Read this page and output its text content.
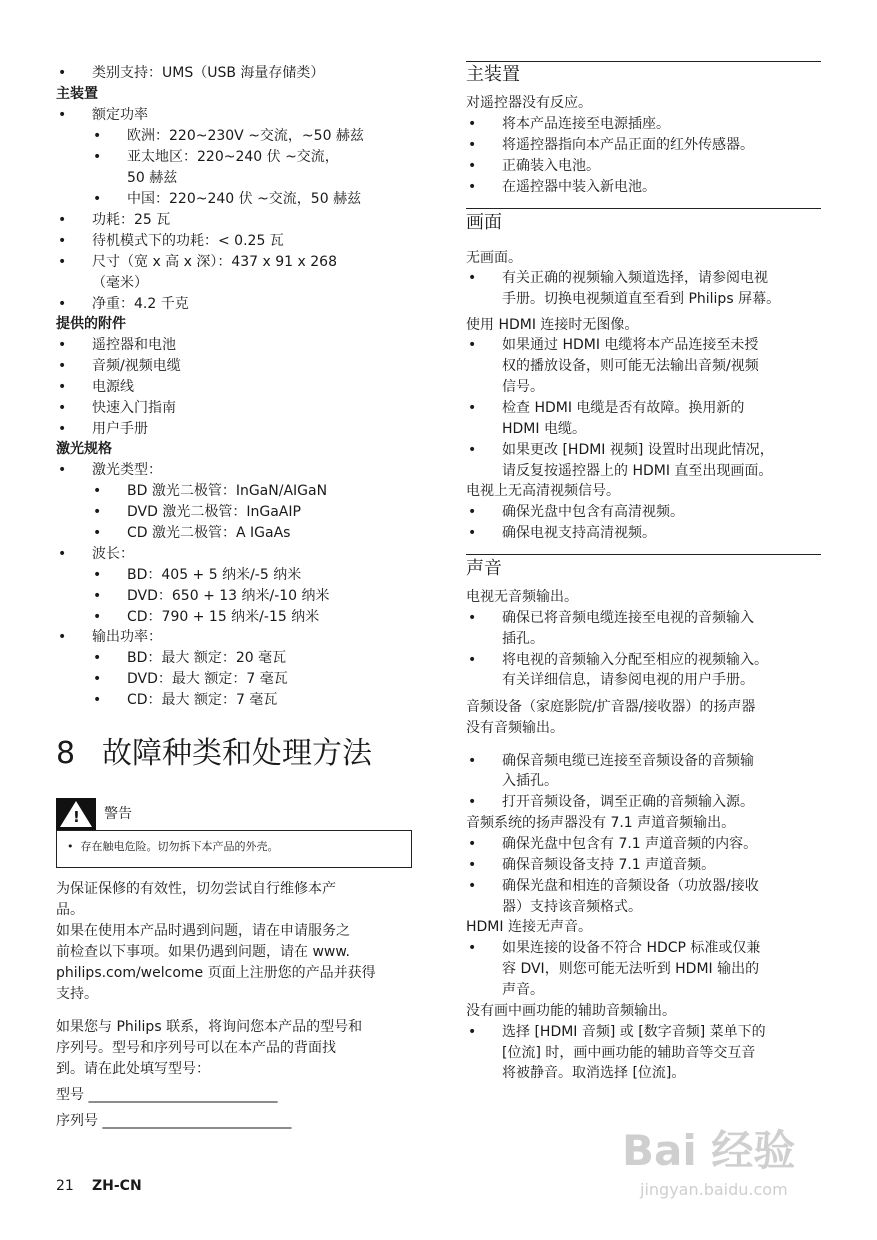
• 类别支持：UMS（USB 海量存储类）
主装置
• 额定功率
• 欧洲：220~230V ~交流，~50 赫兹
• 亚太地区：220~240 伏 ~交流，
50 赫兹
• 中国：220~240 伏 ~交流，50 赫兹
• 功耗：25 瓦
• 待机模式下的功耗：< 0.25 瓦
• 尺寸（宽 x 高 x 深）：437 x 91 x 268
（毫米）
• 净重：4.2 千克
提供的附件
• 遥控器和电池
• 音频/视频电缆
• 电源线
• 快速入门指南
• 用户手册
激光规格
• 激光类型：
• BD 激光二极管：InGaN/AIGaN
• DVD 激光二极管：InGaAIP
• CD 激光二极管：A IGaAs
• 波长：
• BD：405 + 5 纳米/-5 纳米
• DVD：650 + 13 纳米/-10 纳米
• CD：790 + 15 纳米/-15 纳米
• 输出功率：
• BD：最大 额定：20 毫瓦
• DVD：最大 额定：7 毫瓦
• CD：最大 额定：7 毫瓦
8 故障种类和处理方法
! 警告
•  存在触电危险。切勿拆下本产品的外壳。
为保证保修的有效性，切勿尝试自行维修本产
品。
如果在使用本产品时遇到问题，请在申请服务之
前检查以下事项。如果仍遇到问题，请在 www.
philips.com/welcome 页面上注册您的产品并获得
支持。
如果您与 Philips 联系，将询问您本产品的型号和
序列号。型号和序列号可以在本产品的背面找
到。请在此处填写型号：
型号 ___________________________
序列号 ___________________________
主装置
对遥控器没有反应。
• 将本产品连接至电源插座。
• 将遥控器指向本产品正面的红外传感器。
• 正确装入电池。
• 在遥控器中装入新电池。
画面
无画面。
• 有关正确的视频输入频道选择，请参阅电视
手册。切换电视频道直至看到 Philips 屏幕。
使用 HDMI 连接时无图像。
• 如果通过 HDMI 电缆将本产品连接至未授
权的播放设备，则可能无法输出音频/视频
信号。
• 检查 HDMI 电缆是否有故障。换用新的
HDMI 电缆。
• 如果更改 [HDMI 视频] 设置时出现此情况，
请反复按遥控器上的 HDMI 直至出现画面。
电视上无高清视频信号。
• 确保光盘中包含有高清视频。
• 确保电视支持高清视频。
声音
电视无音频输出。
• 确保已将音频电缆连接至电视的音频输入
插孔。
• 将电视的音频输入分配至相应的视频输入。
有关详细信息，请参阅电视的用户手册。
音频设备（家庭影院/扩音器/接收器）的扬声器
没有音频输出。
• 确保音频电缆已连接至音频设备的音频输
入插孔。
• 打开音频设备，调至正确的音频输入源。
音频系统的扬声器没有 7.1 声道音频输出。
• 确保光盘中包含有 7.1 声道音频的内容。
• 确保音频设备支持 7.1 声道音频。
• 确保光盘和相连的音频设备（功放器/接收
器）支持该音频格式。
HDMI 连接无声音。
• 如果连接的设备不符合 HDCP 标准或仅兼
容 DVI，则您可能无法听到 HDMI 输出的
声音。
没有画中画功能的辅助音频输出。
• 选择 [HDMI 音频] 或 [数字音频] 菜单下的
[位流] 时，画中画功能的辅助音等交互音
将被静音。取消选择 [位流]。
21 ZH-CN
Bai 经验
jingyan.baidu.com
